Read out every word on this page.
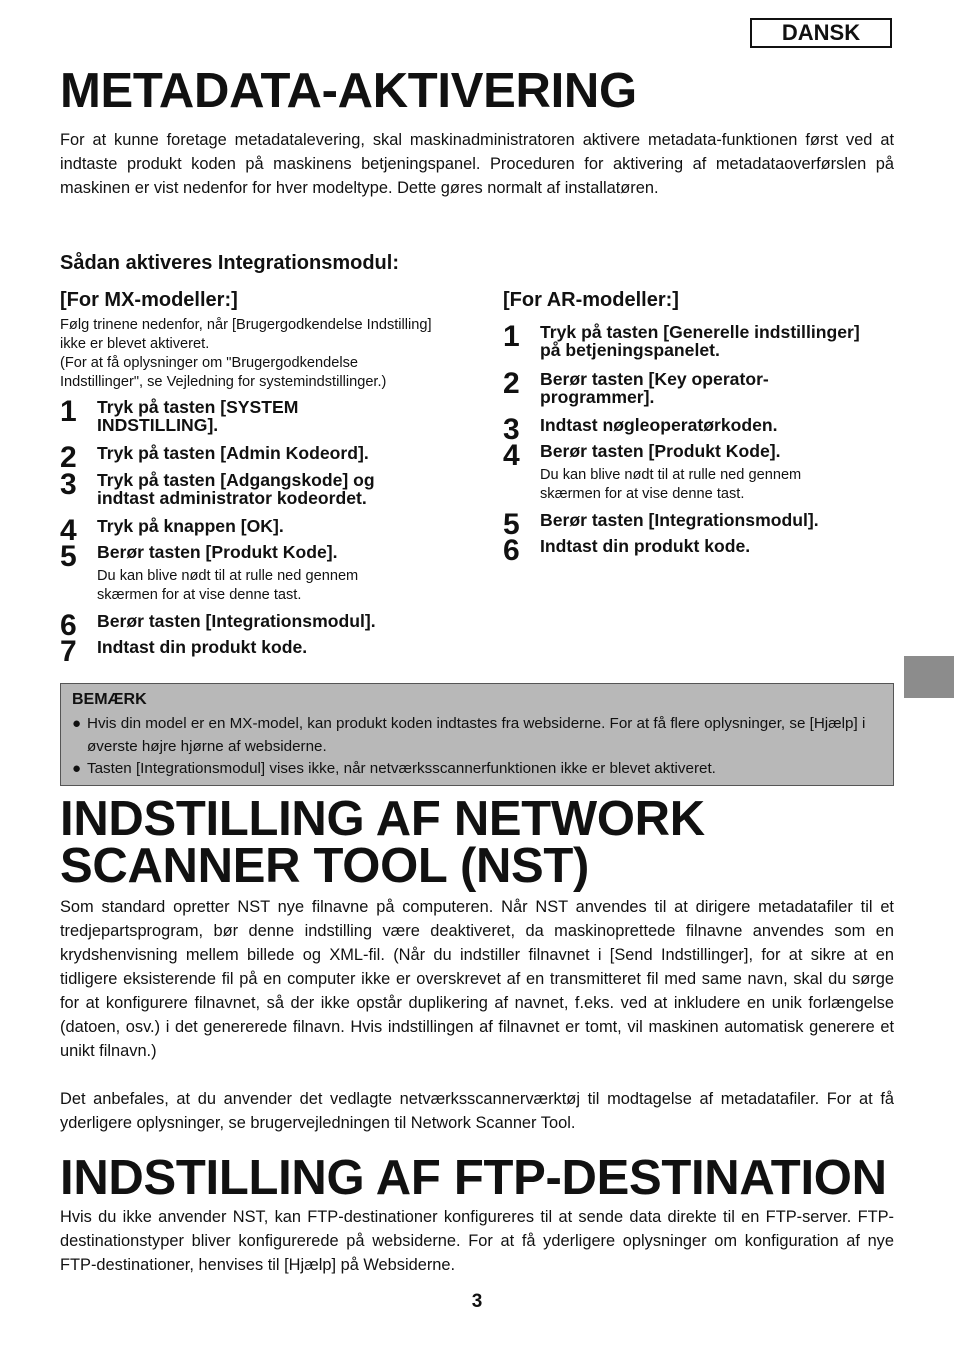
DANSK
METADATA-AKTIVERING

For at kunne foretage metadatalevering, skal maskinadministratoren aktivere metadata-funktionen først ved at indtaste produkt koden på maskinens betjeningspanel. Proceduren for aktivering af metadataoverførslen på maskinen er vist nedenfor for hver modeltype. Dette gøres normalt af installatøren.

Sådan aktiveres Integrationsmodul:

[For MX-modeller:]

Følg trinene nedenfor, når [Brugergodkendelse Indstilling] ikke er blevet aktiveret.
(For at få oplysninger om "Brugergodkendelse Indstillinger", se Vejledning for systemindstillinger.)

1 Tryk på tasten [SYSTEM INDSTILLING].
2 Tryk på tasten [Admin Kodeord].
3 Tryk på tasten [Adgangskode] og indtast administrator kodeordet.
4 Tryk på knappen [OK].
5 Berør tasten [Produkt Kode].
Du kan blive nødt til at rulle ned gennem skærmen for at vise denne tast.
6 Berør tasten [Integrationsmodul].
7 Indtast din produkt kode.

[For AR-modeller:]

1 Tryk på tasten [Generelle indstillinger] på betjeningspanelet.
2 Berør tasten [Key operator-programmer].
3 Indtast nøgleoperatørkoden.
4 Berør tasten [Produkt Kode].
Du kan blive nødt til at rulle ned gennem skærmen for at vise denne tast.
5 Berør tasten [Integrationsmodul].
6 Indtast din produkt kode.
BEMÆRK
● Hvis din model er en MX-model, kan produkt koden indtastes fra websiderne. For at få flere oplysninger, se [Hjælp] i øverste højre hjørne af websiderne.
● Tasten [Integrationsmodul] vises ikke, når netværksscannerfunktionen ikke er blevet aktiveret.
INDSTILLING AF NETWORK
SCANNER TOOL (NST)

Som standard opretter NST nye filnavne på computeren. Når NST anvendes til at dirigere metadatafiler til et tredjepartsprogram, bør denne indstilling være deaktiveret, da maskinoprettede filnavne anvendes som en krydshenvisning mellem billede og XML-fil. (Når du indstiller filnavnet i [Send Indstillinger], for at sikre at en tidligere eksisterende fil på en computer ikke er overskrevet af en transmitteret fil med same navn, skal du sørge for at konfigurere filnavnet, så der ikke opstår duplikering af navnet, f.eks. ved at inkludere en unik forlængelse (datoen, osv.) i det genererede filnavn. Hvis indstillingen af filnavnet er tomt, vil maskinen automatisk generere et unikt filnavn.)

Det anbefales, at du anvender det vedlagte netværksscannerværktøj til modtagelse af metadatafiler. For at få yderligere oplysninger, se brugervejledningen til Network Scanner Tool.

INDSTILLING AF FTP-DESTINATION

Hvis du ikke anvender NST, kan FTP-destinationer konfigureres til at sende data direkte til en FTP-server. FTP-destinationstyper bliver konfigurerede på websiderne. For at få yderligere oplysninger om konfiguration af nye FTP-destinationer, henvises til [Hjælp] på Websiderne.

3
